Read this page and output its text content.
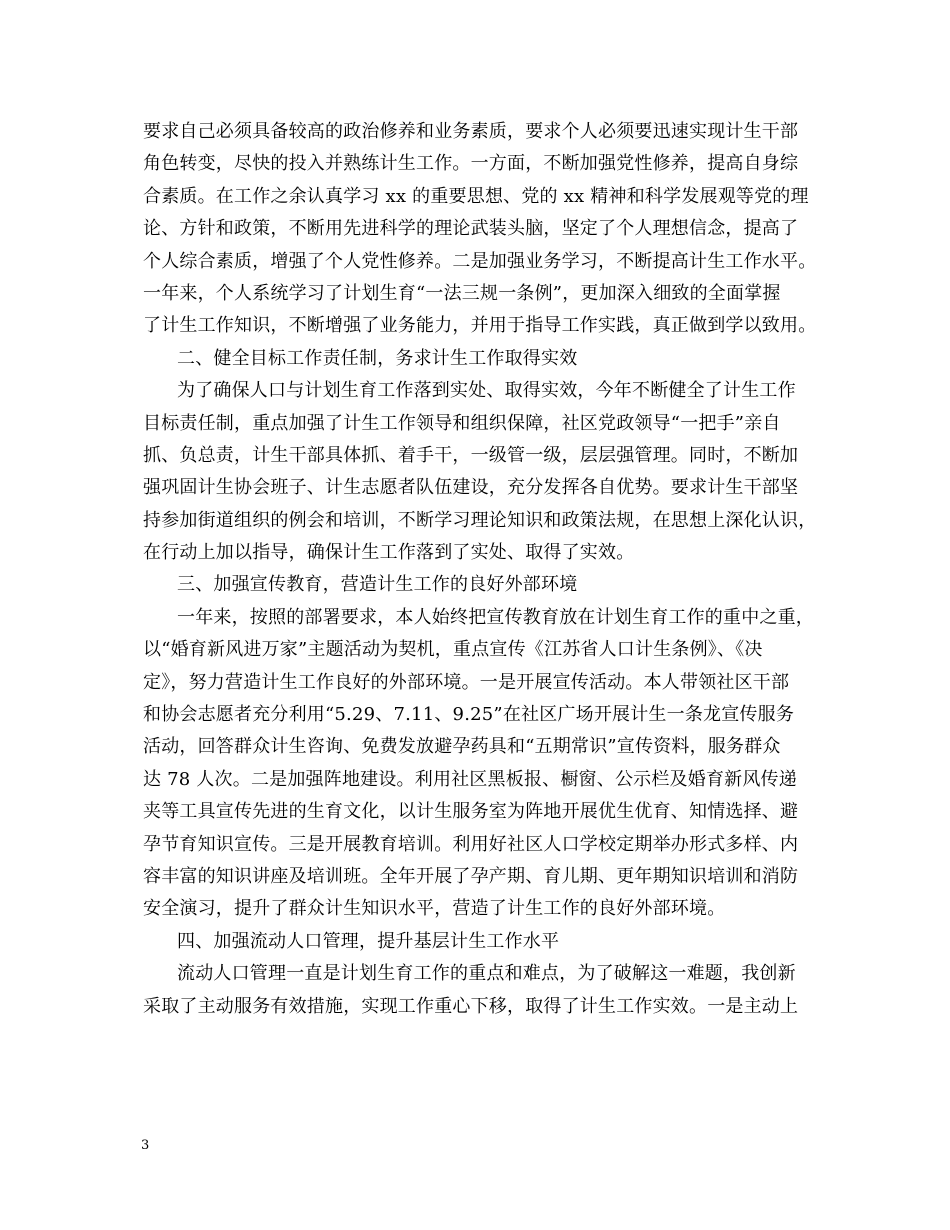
要求自己必须具备较高的政治修养和业务素质，要求个人必须要迅速实现计生干部
角色转变，尽快的投入并熟练计生工作。一方面，不断加强党性修养，提高自身综
合素质。在工作之余认真学习 xx 的重要思想、党的 xx 精神和科学发展观等党的理
论、方针和政策，不断用先进科学的理论武装头脑，坚定了个人理想信念，提高了
个人综合素质，增强了个人党性修养。二是加强业务学习，不断提高计生工作水平。
一年来，个人系统学习了计划生育“一法三规一条例”，更加深入细致的全面掌握
了计生工作知识，不断增强了业务能力，并用于指导工作实践，真正做到学以致用。
二、健全目标工作责任制，务求计生工作取得实效
为了确保人口与计划生育工作落到实处、取得实效，今年不断健全了计生工作
目标责任制，重点加强了计生工作领导和组织保障，社区党政领导“一把手”亲自
抓、负总责，计生干部具体抓、着手干，一级管一级，层层强管理。同时，不断加
强巩固计生协会班子、计生志愿者队伍建设，充分发挥各自优势。要求计生干部坚
持参加街道组织的例会和培训，不断学习理论知识和政策法规，在思想上深化认识，
在行动上加以指导，确保计生工作落到了实处、取得了实效。
三、加强宣传教育，营造计生工作的良好外部环境
一年来，按照的部署要求，本人始终把宣传教育放在计划生育工作的重中之重，
以“婚育新风进万家”主题活动为契机，重点宣传《江苏省人口计生条例》、《决
定》，努力营造计生工作良好的外部环境。一是开展宣传活动。本人带领社区干部
和协会志愿者充分利用“5.29、7.11、9.25”在社区广场开展计生一条龙宣传服务
活动，回答群众计生咨询、免费发放避孕药具和“五期常识”宣传资料，服务群众
达 78 人次。二是加强阵地建设。利用社区黑板报、橱窗、公示栏及婚育新风传递
夹等工具宣传先进的生育文化，以计生服务室为阵地开展优生优育、知情选择、避
孕节育知识宣传。三是开展教育培训。利用好社区人口学校定期举办形式多样、内
容丰富的知识讲座及培训班。全年开展了孕产期、育儿期、更年期知识培训和消防
安全演习，提升了群众计生知识水平，营造了计生工作的良好外部环境。
四、加强流动人口管理，提升基层计生工作水平
流动人口管理一直是计划生育工作的重点和难点，为了破解这一难题，我创新
采取了主动服务有效措施，实现工作重心下移，取得了计生工作实效。一是主动上
3
